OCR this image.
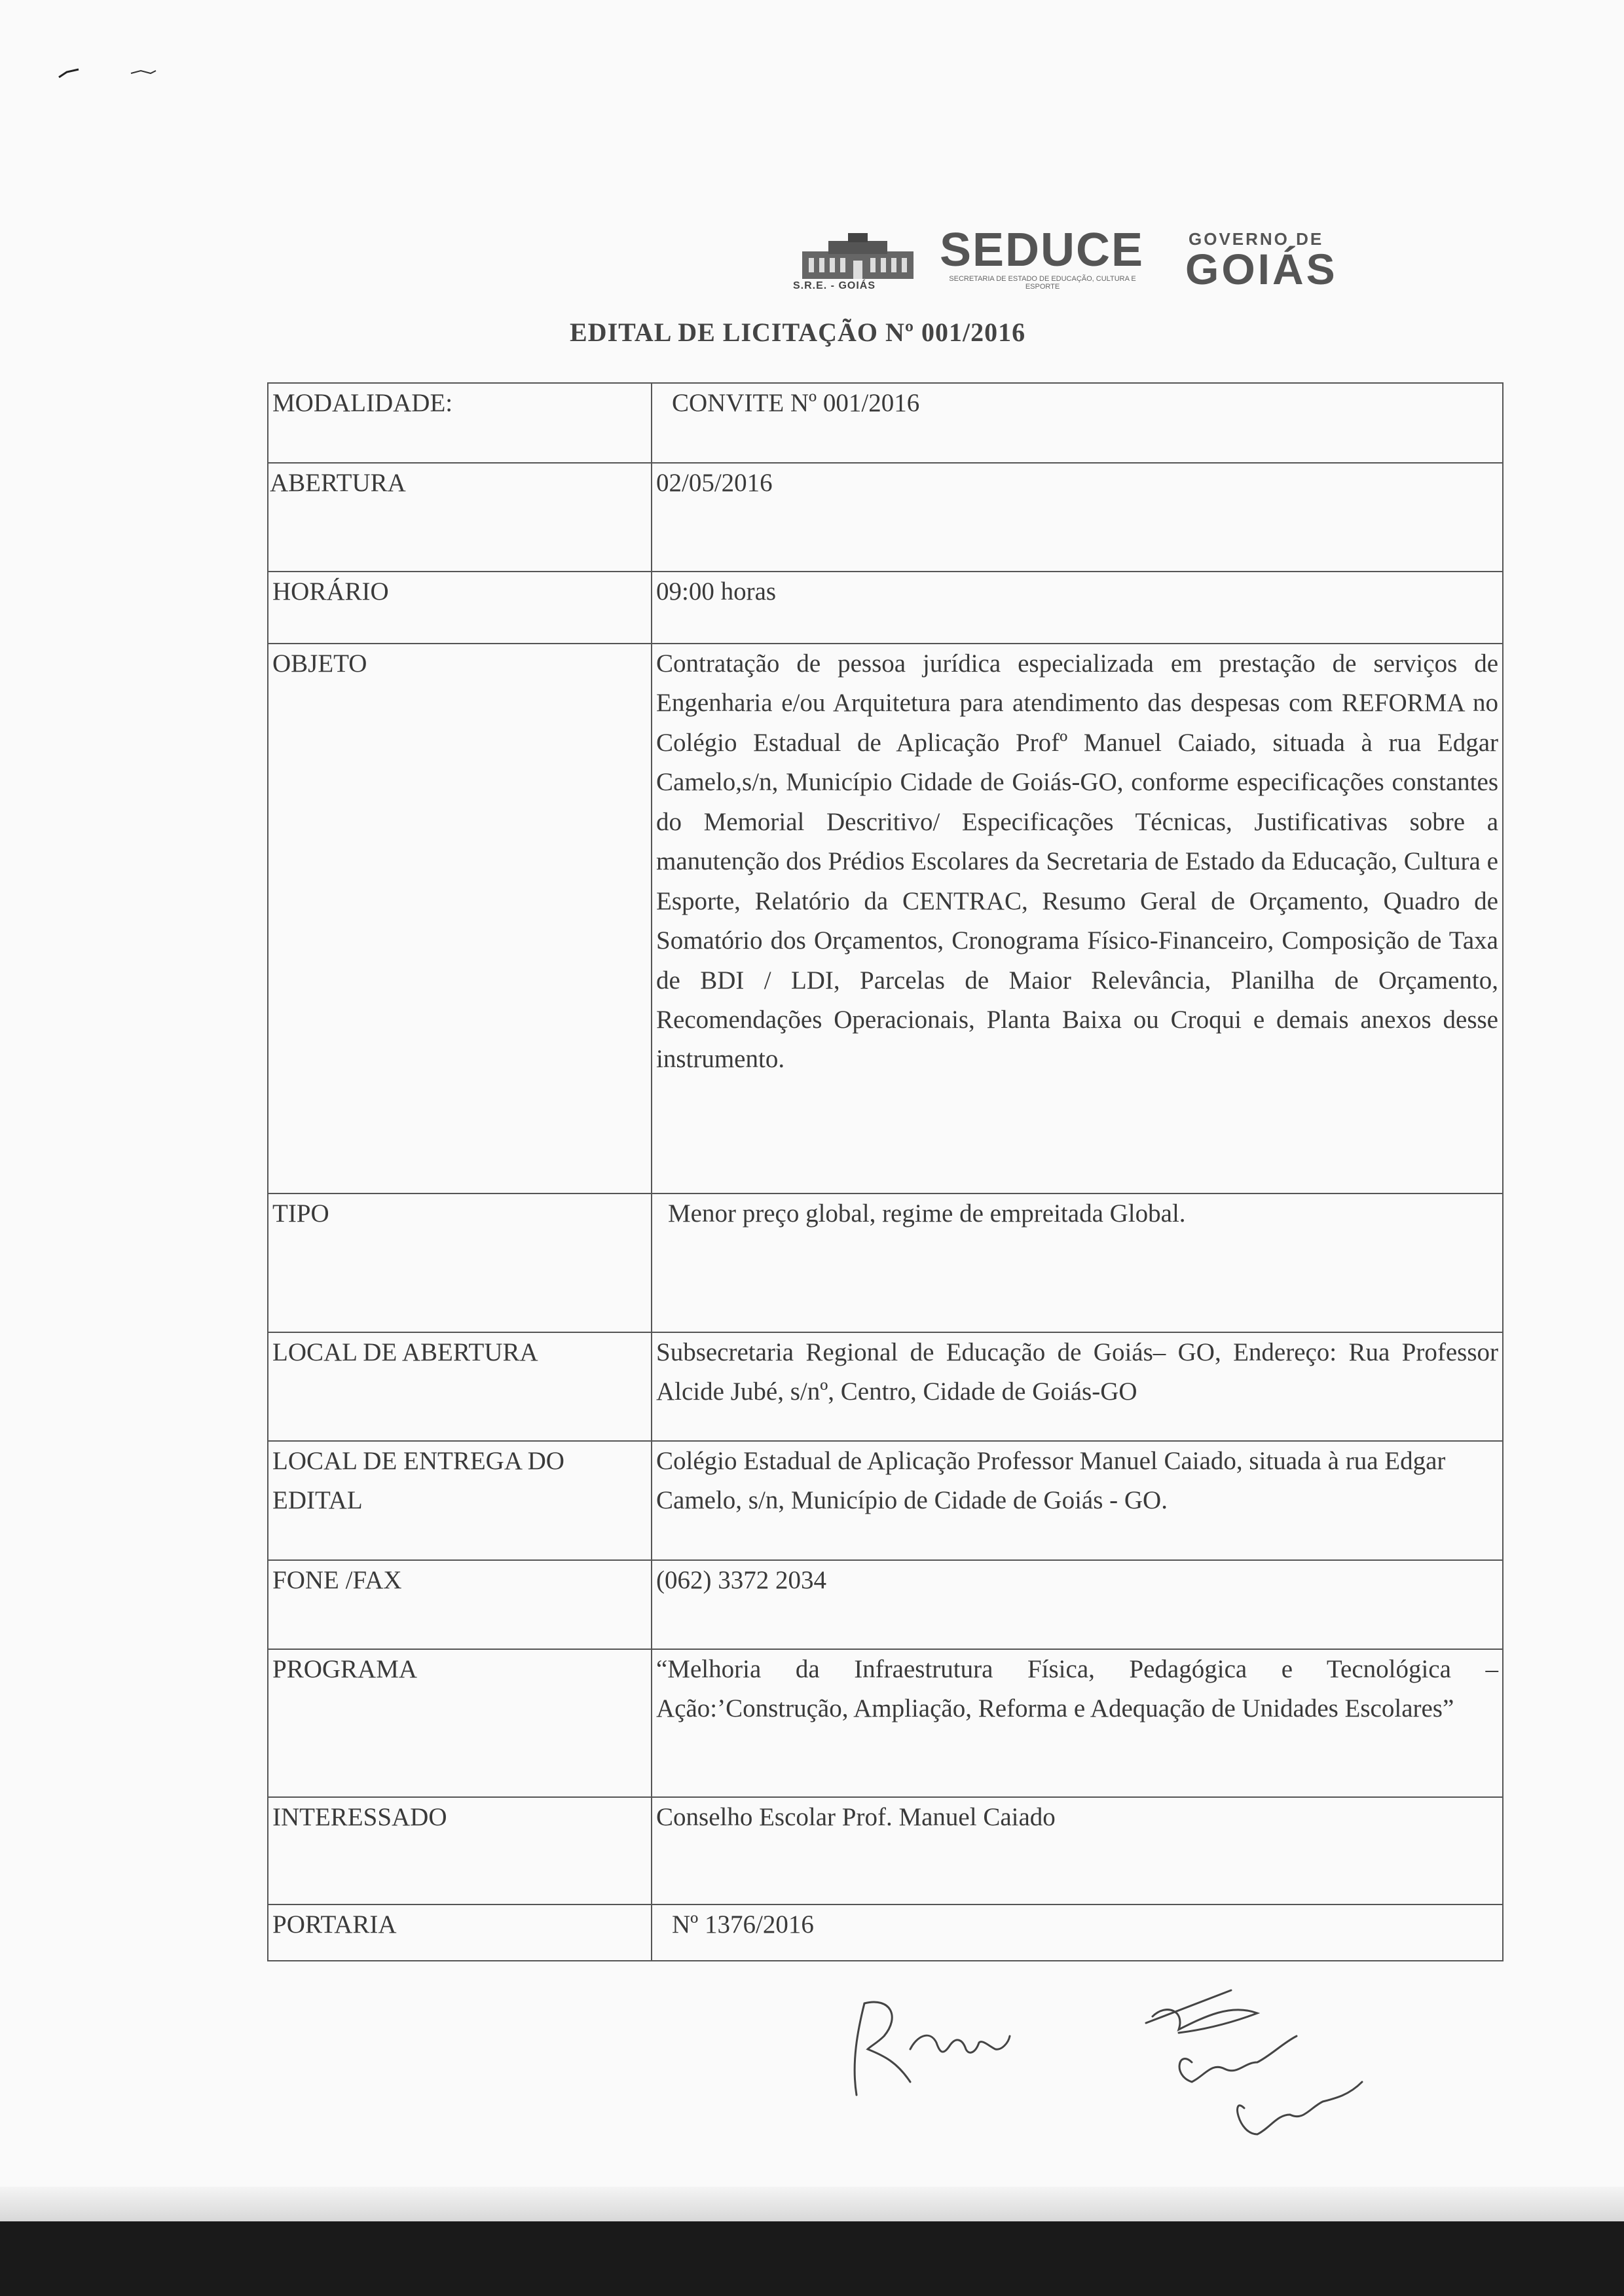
S.R.E. - GOIÁS
SEDUCE
SECRETARIA DE ESTADO DE EDUCAÇÃO, CULTURA E ESPORTE
GOVERNO DE
GOIÁS
EDITAL DE LICITAÇÃO Nº 001/2016
MODALIDADE:	CONVITE Nº 001/2016
ABERTURA	02/05/2016
HORÁRIO	09:00 horas
OBJETO	Contratação de pessoa jurídica especializada em prestação de serviços de Engenharia e/ou Arquitetura para atendimento das despesas com REFORMA no Colégio Estadual de Aplicação Profº Manuel Caiado, situada à rua Edgar Camelo,s/n, Município Cidade de Goiás-GO, conforme especificações constantes do Memorial Descritivo/ Especificações Técnicas, Justificativas sobre a manutenção dos Prédios Escolares da Secretaria de Estado da Educação, Cultura e Esporte, Relatório da CENTRAC, Resumo Geral de Orçamento, Quadro de Somatório dos Orçamentos, Cronograma Físico-Financeiro, Composição de Taxa de BDI / LDI, Parcelas de Maior Relevância, Planilha de Orçamento, Recomendações Operacionais, Planta Baixa ou Croqui e demais anexos desse instrumento.
TIPO	Menor preço global, regime de empreitada Global.
LOCAL DE ABERTURA	Subsecretaria Regional de Educação de Goiás– GO, Endereço: Rua Professor Alcide Jubé, s/nº, Centro, Cidade de Goiás-GO
LOCAL DE ENTREGA DO EDITAL	Colégio Estadual de Aplicação Professor Manuel Caiado, situada à rua Edgar Camelo, s/n, Município de Cidade de Goiás - GO.
FONE /FAX	(062) 3372 2034
PROGRAMA	“Melhoria da Infraestrutura Física, Pedagógica e Tecnológica – Ação:’Construção, Ampliação, Reforma e Adequação de Unidades Escolares”
INTERESSADO	Conselho Escolar Prof. Manuel Caiado
PORTARIA	Nº 1376/2016
